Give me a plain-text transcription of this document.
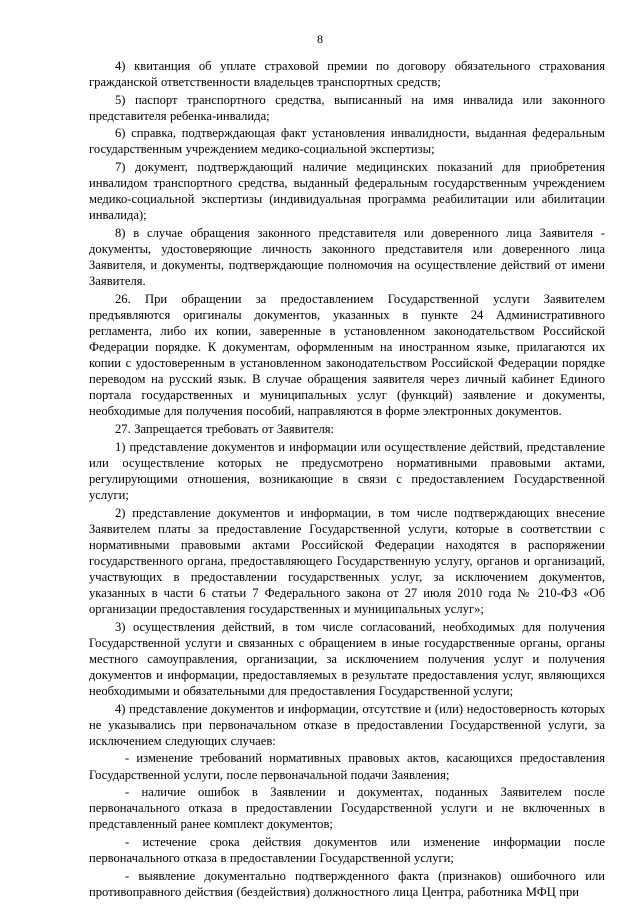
8

4) квитанция об уплате страховой премии по договору обязательного страхования гражданской ответственности владельцев транспортных средств;

5) паспорт транспортного средства, выписанный на имя инвалида или законного представителя ребенка-инвалида;

6) справка, подтверждающая факт установления инвалидности, выданная федеральным государственным учреждением медико-социальной экспертизы;

7) документ, подтверждающий наличие медицинских показаний для приобретения инвалидом транспортного средства, выданный федеральным государственным учреждением медико-социальной экспертизы (индивидуальная программа реабилитации или абилитации инвалида);

8) в случае обращения законного представителя или доверенного лица Заявителя - документы, удостоверяющие личность законного представителя или доверенного лица Заявителя, и документы, подтверждающие полномочия на осуществление действий от имени Заявителя.

26. При обращении за предоставлением Государственной услуги Заявителем предъявляются оригиналы документов, указанных в пункте 24 Административного регламента, либо их копии, заверенные в установленном законодательством Российской Федерации порядке. К документам, оформленным на иностранном языке, прилагаются их копии с удостоверенным в установленном законодательством Российской Федерации порядке переводом на русский язык. В случае обращения заявителя через личный кабинет Единого портала государственных и муниципальных услуг (функций) заявление и документы, необходимые для получения пособий, направляются в форме электронных документов.

27. Запрещается требовать от Заявителя:

1) представление документов и информации или осуществление действий, представление или осуществление которых не предусмотрено нормативными правовыми актами, регулирующими отношения, возникающие в связи с предоставлением Государственной услуги;

2) представление документов и информации, в том числе подтверждающих внесение Заявителем платы за предоставление Государственной услуги, которые в соответствии с нормативными правовыми актами Российской Федерации находятся в распоряжении государственного органа, предоставляющего Государственную услугу, органов и организаций, участвующих в предоставлении государственных услуг, за исключением документов, указанных в части 6 статьи 7 Федерального закона от 27 июля 2010 года № 210-ФЗ «Об организации предоставления государственных и муниципальных услуг»;

3) осуществления действий, в том числе согласований, необходимых для получения Государственной услуги и связанных с обращением в иные государственные органы, органы местного самоуправления, организации, за исключением получения услуг и получения документов и информации, предоставляемых в результате предоставления услуг, являющихся необходимыми и обязательными для предоставления Государственной услуги;

4) представление документов и информации, отсутствие и (или) недостоверность которых не указывались при первоначальном отказе в предоставлении Государственной услуги, за исключением следующих случаев:

- изменение требований нормативных правовых актов, касающихся предоставления Государственной услуги, после первоначальной подачи Заявления;

- наличие ошибок в Заявлении и документах, поданных Заявителем после первоначального отказа в предоставлении Государственной услуги и не включенных в представленный ранее комплект документов;

- истечение срока действия документов или изменение информации после первоначального отказа в предоставлении Государственной услуги;

- выявление документально подтвержденного факта (признаков) ошибочного или противоправного действия (бездействия) должностного лица Центра, работника МФЦ при
